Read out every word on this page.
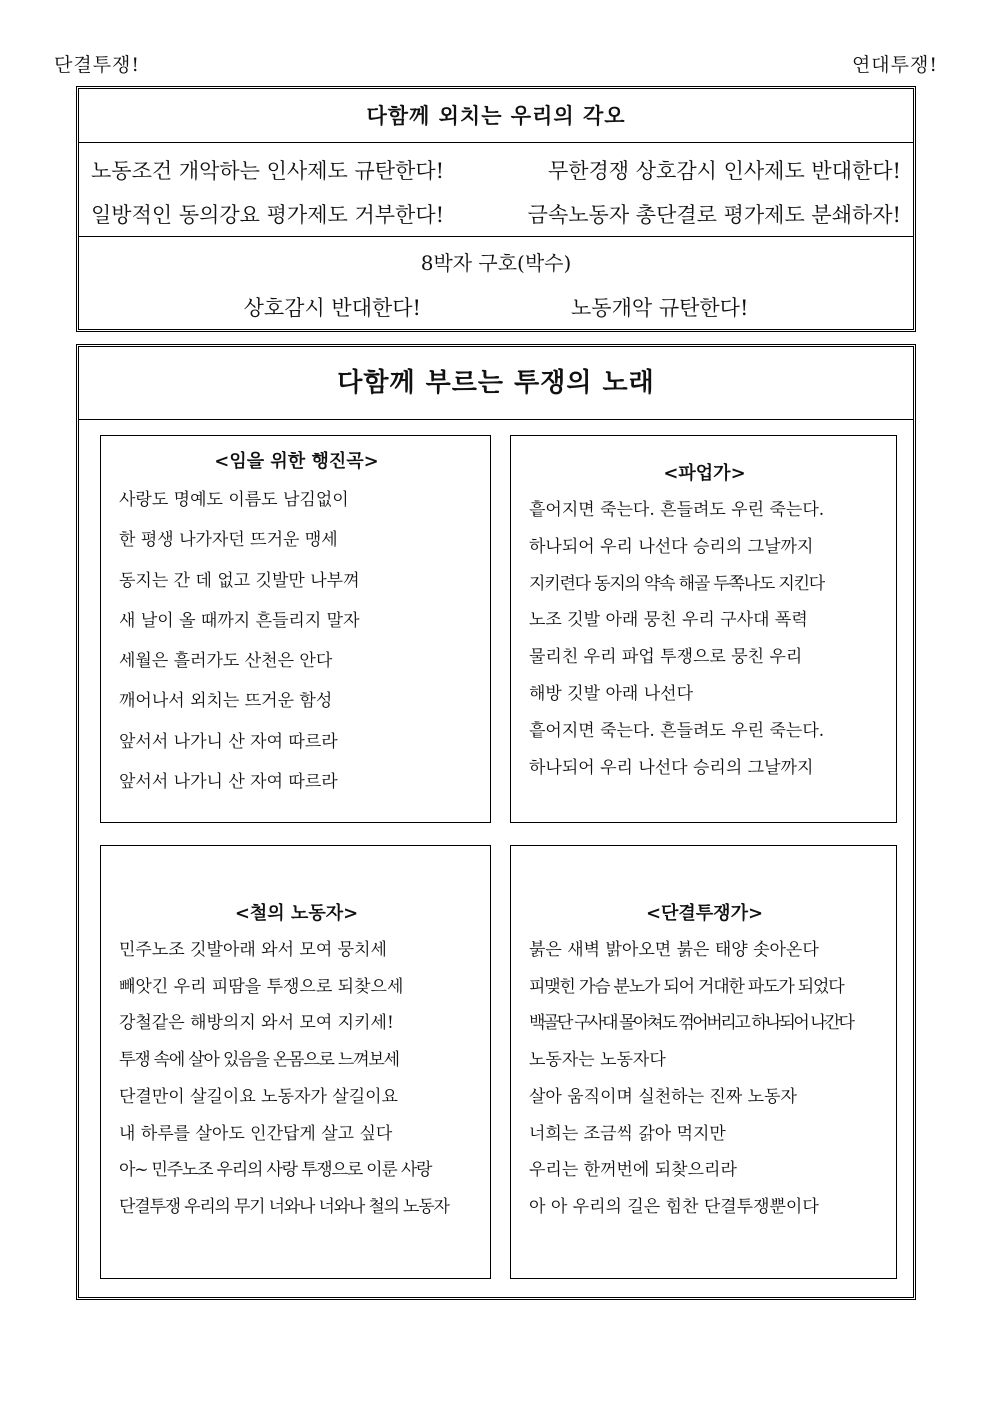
단결투쟁!	연대투쟁!
다함께 외치는 우리의 각오
노동조건 개악하는 인사제도 규탄한다!	무한경쟁 상호감시 인사제도 반대한다!
일방적인 동의강요 평가제도 거부한다!	금속노동자 총단결로 평가제도 분쇄하자!
8박자 구호(박수)
상호감시 반대한다!	노동개악 규탄한다!
다함께 부르는 투쟁의 노래
<임을 위한 행진곡>
사랑도 명예도 이름도 남김없이
한 평생 나가자던 뜨거운 맹세
동지는 간 데 없고 깃발만 나부껴
새 날이 올 때까지 흔들리지 말자
세월은 흘러가도 산천은 안다
깨어나서 외치는 뜨거운 함성
앞서서 나가니 산 자여 따르라
앞서서 나가니 산 자여 따르라
<파업가>
흩어지면 죽는다. 흔들려도 우린 죽는다.
하나되어 우리 나선다 승리의 그날까지
지키련다 동지의 약속 해골 두쪽나도 지킨다
노조 깃발 아래 뭉친 우리 구사대 폭력
물리친 우리 파업 투쟁으로 뭉친 우리
해방 깃발 아래 나선다
흩어지면 죽는다. 흔들려도 우린 죽는다.
하나되어 우리 나선다 승리의 그날까지
<철의 노동자>
민주노조 깃발아래 와서 모여 뭉치세
빼앗긴 우리 피땀을 투쟁으로 되찾으세
강철같은 해방의지 와서 모여 지키세!
투쟁 속에 살아 있음을 온몸으로 느껴보세
단결만이 살길이요 노동자가 살길이요
내 하루를 살아도 인간답게 살고 싶다
아~ 민주노조 우리의 사랑 투쟁으로 이룬 사랑
단결투쟁 우리의 무기 너와나 너와나 철의 노동자
<단결투쟁가>
붉은 새벽 밝아오면 붉은 태양 솟아온다
피맺힌 가슴 분노가 되어 거대한 파도가 되었다
백골단 구사대 몰아쳐도 꺾어버리고 하나되어 나간다
노동자는 노동자다
살아 움직이며 실천하는 진짜 노동자
너희는 조금씩 갉아 먹지만
우리는 한꺼번에 되찾으리라
아 아 우리의 길은 힘찬 단결투쟁뿐이다
